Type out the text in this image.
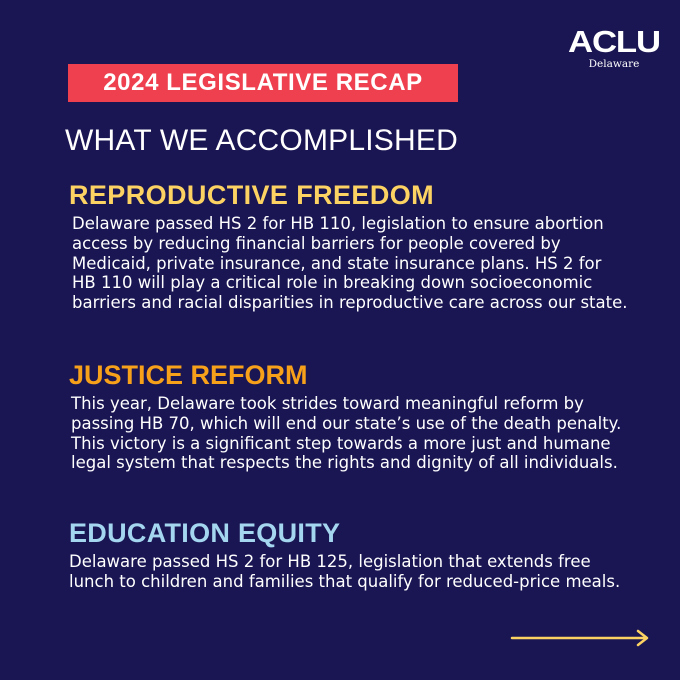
ACLU
Delaware
2024 LEGISLATIVE RECAP
WHAT WE ACCOMPLISHED
REPRODUCTIVE FREEDOM

Delaware passed HS 2 for HB 110, legislation to ensure abortion access by reducing financial barriers for people covered by Medicaid, private insurance, and state insurance plans. HS 2 for HB 110 will play a critical role in breaking down socioeconomic barriers and racial disparities in reproductive care across our state.

JUSTICE REFORM

This year, Delaware took strides toward meaningful reform by passing HB 70, which will end our state’s use of the death penalty. This victory is a significant step towards a more just and humane legal system that respects the rights and dignity of all individuals.

EDUCATION EQUITY

Delaware passed HS 2 for HB 125, legislation that extends free lunch to children and families that qualify for reduced-price meals.
